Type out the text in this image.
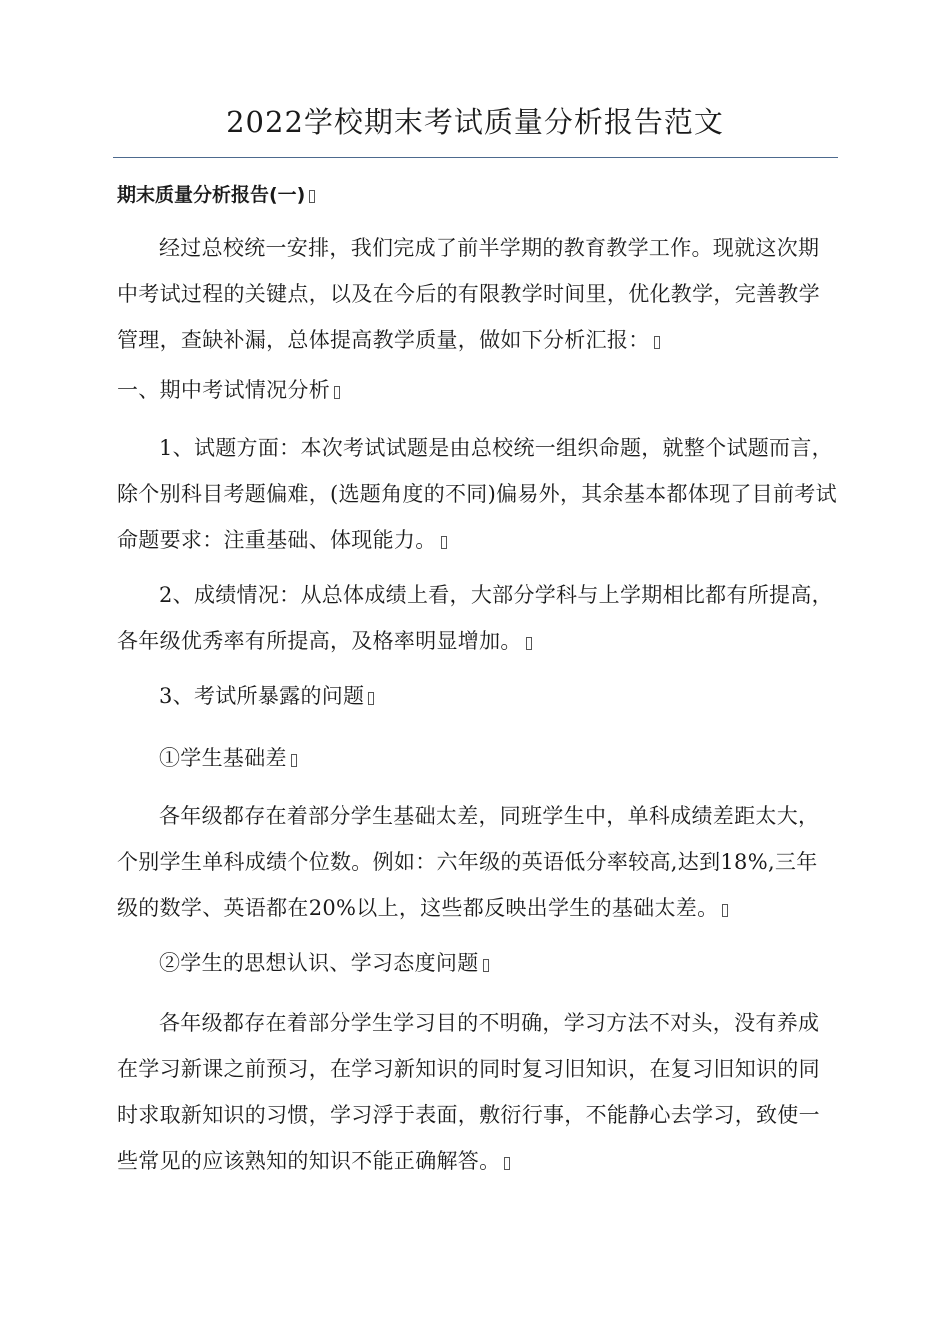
2022学校期末考试质量分析报告范文
期末质量分析报告(一)

经过总校统一安排，我们完成了前半学期的教育教学工作。现就这次期中考试过程的关键点，以及在今后的有限教学时间里，优化教学，完善教学管理，查缺补漏，总体提高教学质量，做如下分析汇报：

一、期中考试情况分析

1、试题方面：本次考试试题是由总校统一组织命题，就整个试题而言，除个别科目考题偏难，(选题角度的不同)偏易外，其余基本都体现了目前考试命题要求：注重基础、体现能力。

2、成绩情况：从总体成绩上看，大部分学科与上学期相比都有所提高，各年级优秀率有所提高，及格率明显增加。

3、考试所暴露的问题

①学生基础差

各年级都存在着部分学生基础太差，同班学生中，单科成绩差距太大，个别学生单科成绩个位数。例如：六年级的英语低分率较高,达到18%,三年级的数学、英语都在20%以上，这些都反映出学生的基础太差。

②学生的思想认识、学习态度问题

各年级都存在着部分学生学习目的不明确，学习方法不对头，没有养成在学习新课之前预习，在学习新知识的同时复习旧知识，在复习旧知识的同时求取新知识的习惯，学习浮于表面，敷衍行事，不能静心去学习，致使一些常见的应该熟知的知识不能正确解答。
